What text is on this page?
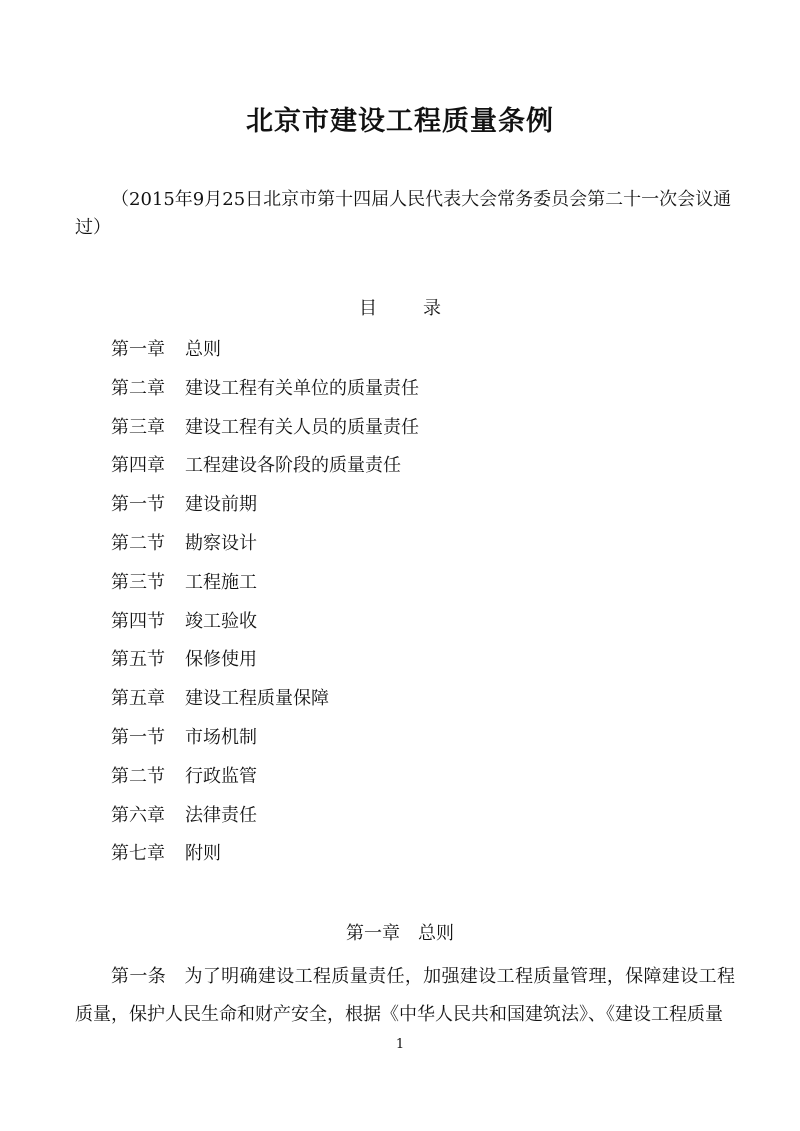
北京市建设工程质量条例

（2015年9月25日北京市第十四届人民代表大会常务委员会第二十一次会议通过）

目	录
第一章 总则
第二章 建设工程有关单位的质量责任
第三章 建设工程有关人员的质量责任
第四章 工程建设各阶段的质量责任
第一节 建设前期
第二节 勘察设计
第三节 工程施工
第四节 竣工验收
第五节 保修使用
第五章 建设工程质量保障
第一节 市场机制
第二节 行政监管
第六章 法律责任
第七章 附则
第一章 总则

第一条 为了明确建设工程质量责任，加强建设工程质量管理，保障建设工程质量，保护人民生命和财产安全，根据《中华人民共和国建筑法》、《建设工程质量

1
